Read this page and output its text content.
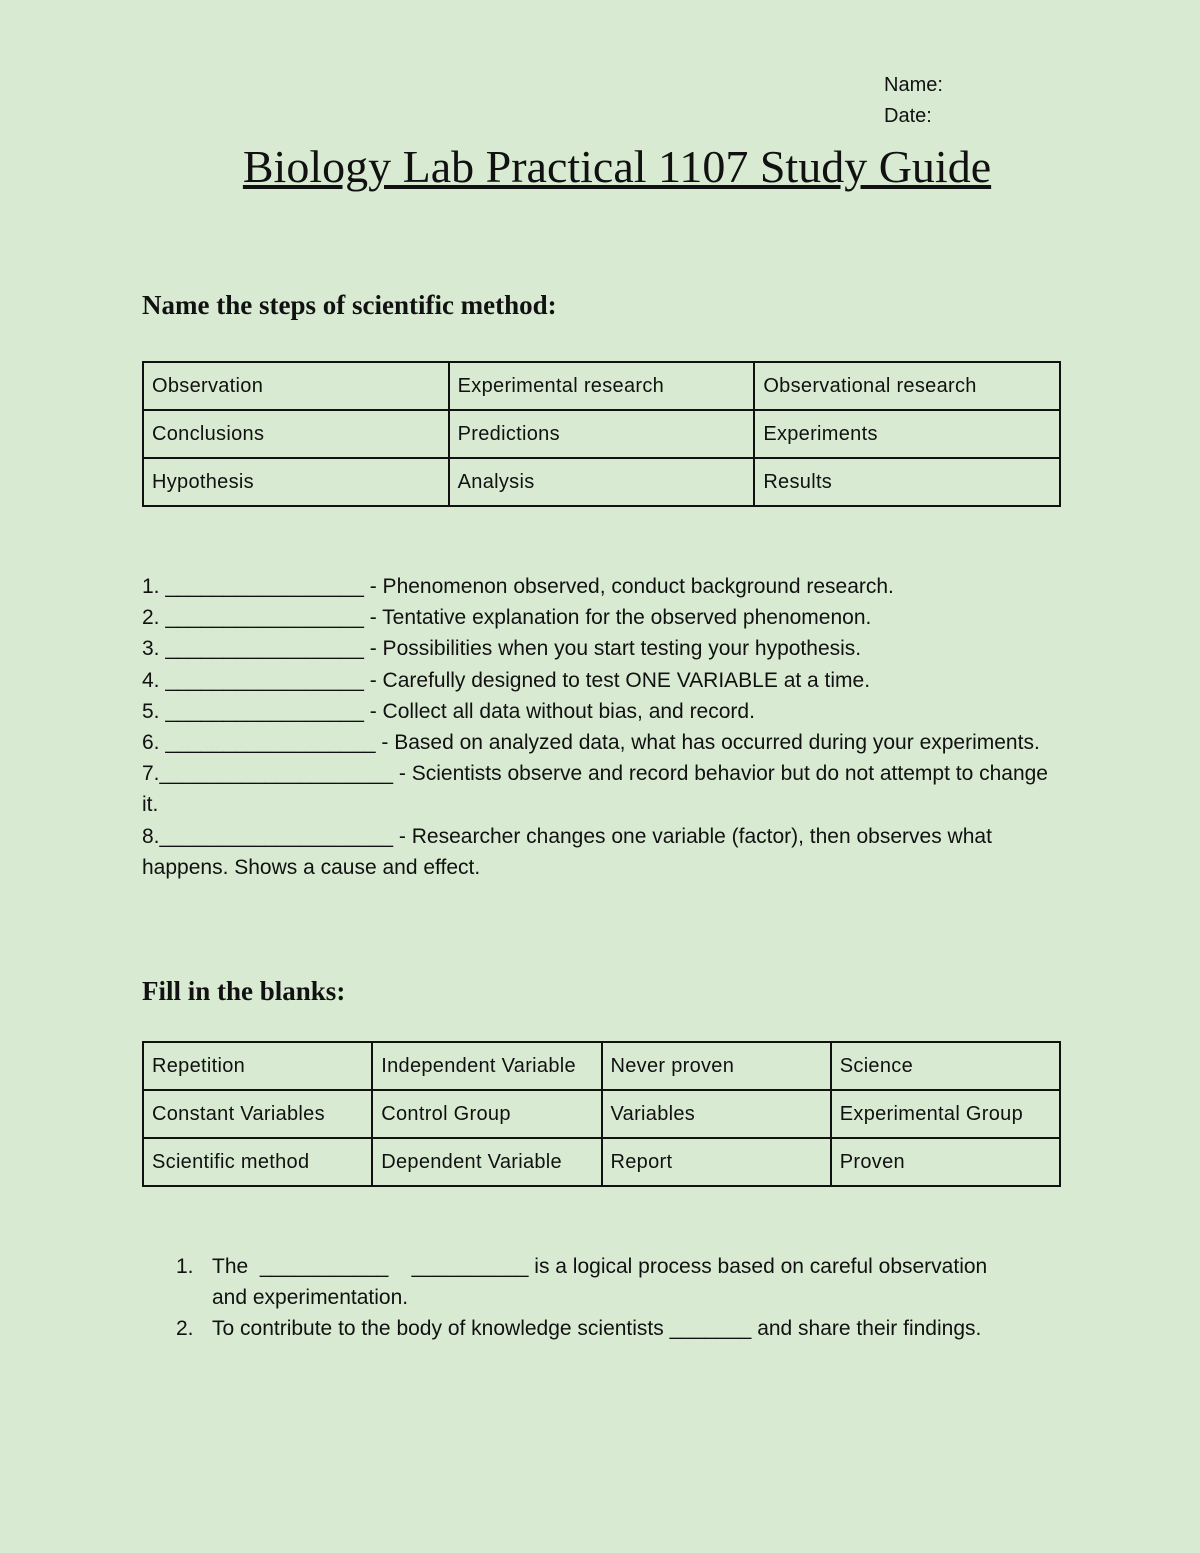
Name:
Date:
Biology Lab Practical 1107 Study Guide
Name the steps of scientific method:
Observation	Experimental research	Observational research
Conclusions	Predictions	Experiments
Hypothesis	Analysis	Results

1. _________________ - Phenomenon observed, conduct background research.

2. _________________ - Tentative explanation for the observed phenomenon.

3. _________________ - Possibilities when you start testing your hypothesis.

4. _________________ - Carefully designed to test ONE VARIABLE at a time.

5. _________________ - Collect all data without bias, and record.

6. __________________ - Based on analyzed data, what has occurred during your experiments.

7.____________________ - Scientists observe and record behavior but do not attempt to change it.

8.____________________ - Researcher changes one variable (factor), then observes what happens. Shows a cause and effect.

Fill in the blanks:
Repetition	Independent Variable	Never proven	Science
Constant Variables	Control Group	Variables	Experimental Group
Scientific method	Dependent Variable	Report	Proven
1. The  ___________    __________ is a logical process based on careful observation and experimentation.
2. To contribute to the body of knowledge scientists _______ and share their findings.
